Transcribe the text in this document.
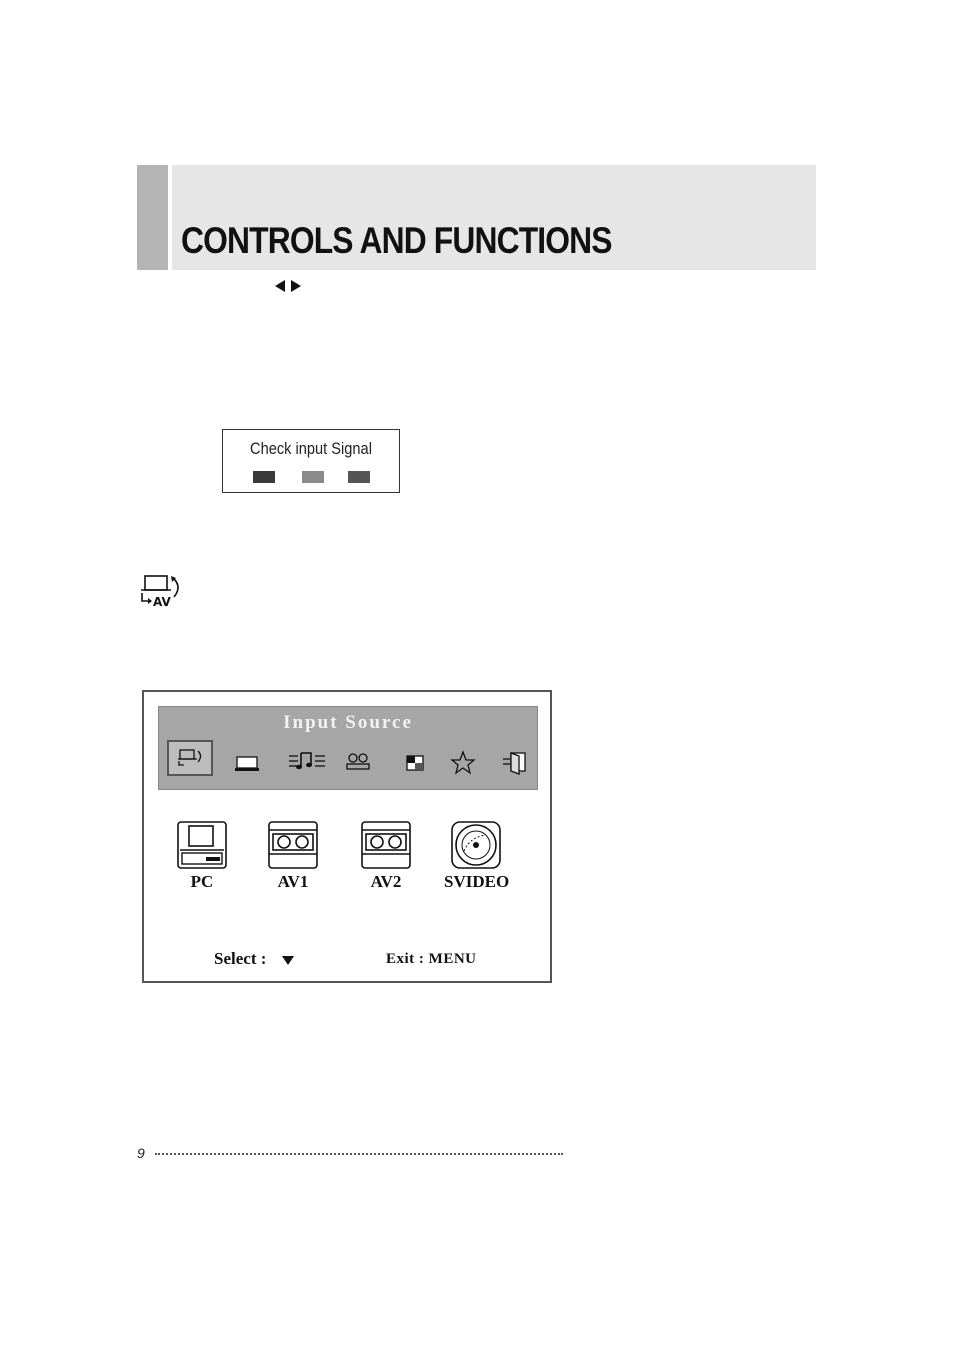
CONTROLS AND FUNCTIONS
Check input Signal
AV
Input Source
PC	AV1	AV2	SVIDEO
Select :	Exit : MENU
9
